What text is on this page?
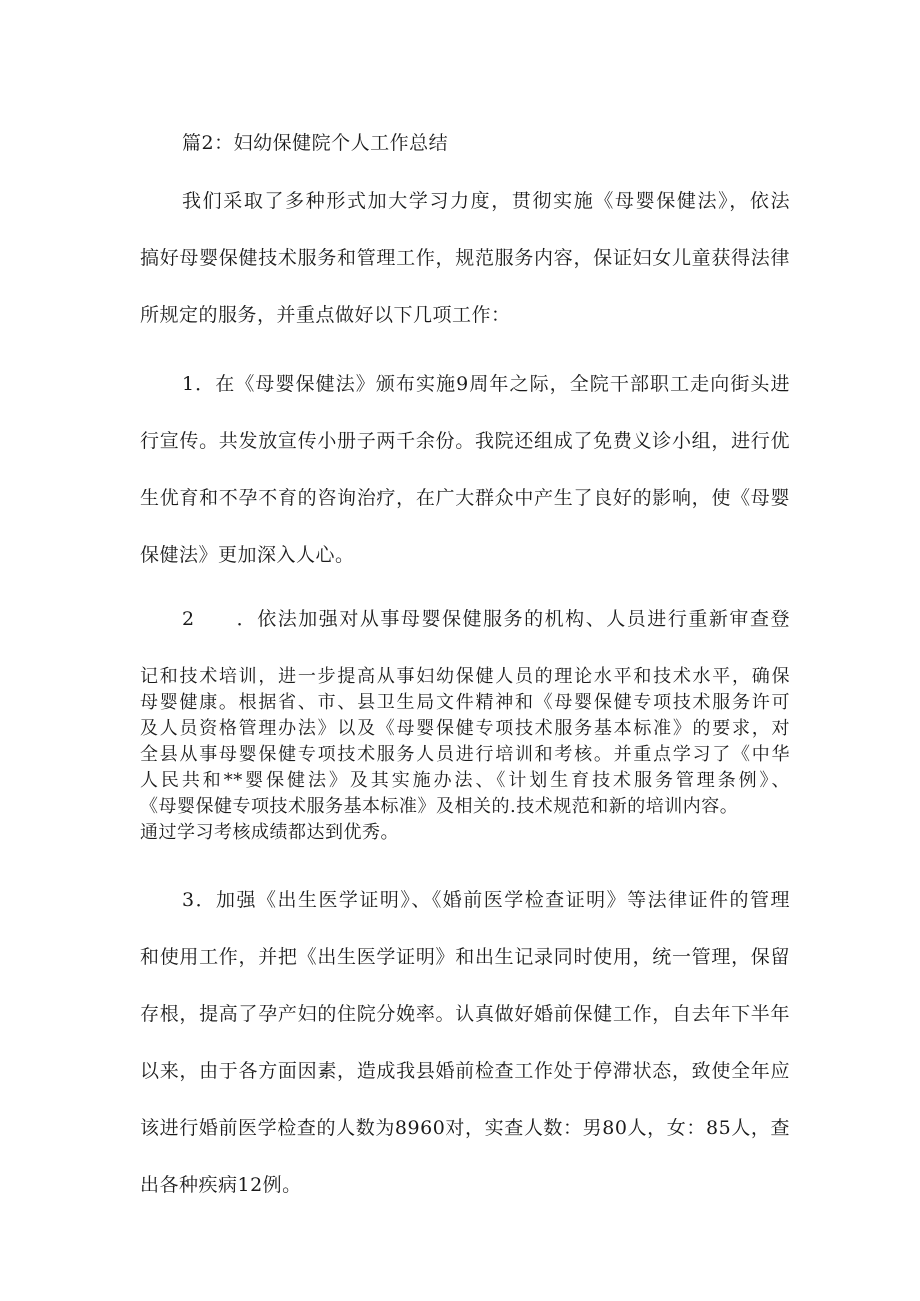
篇2：妇幼保健院个人工作总结

我们采取了多种形式加大学习力度，贯彻实施《母婴保健法》，依法

搞好母婴保健技术服务和管理工作，规范服务内容，保证妇女儿童获得法律

所规定的服务，并重点做好以下几项工作：

1．在《母婴保健法》颁布实施9周年之际，全院干部职工走向街头进

行宣传。共发放宣传小册子两千余份。我院还组成了免费义诊小组，进行优

生优育和不孕不育的咨询治疗，在广大群众中产生了良好的影响，使《母婴

保健法》更加深入人心。

2　　．依法加强对从事母婴保健服务的机构、人员进行重新审查登

记和技术培训，进一步提高从事妇幼保健人员的理论水平和技术水平，确保

母婴健康。根据省、市、县卫生局文件精神和《母婴保健专项技术服务许可

及人员资格管理办法》以及《母婴保健专项技术服务基本标准》的要求，对

全县从事母婴保健专项技术服务人员进行培训和考核。并重点学习了《中华

人民共和**婴保健法》及其实施办法、《计划生育技术服务管理条例》、

《母婴保健专项技术服务基本标准》及相关的.技术规范和新的培训内容。

通过学习考核成绩都达到优秀。

3．加强《出生医学证明》、《婚前医学检查证明》等法律证件的管理

和使用工作，并把《出生医学证明》和出生记录同时使用，统一管理，保留

存根，提高了孕产妇的住院分娩率。认真做好婚前保健工作，自去年下半年

以来，由于各方面因素，造成我县婚前检查工作处于停滞状态，致使全年应

该进行婚前医学检查的人数为8960对，实查人数：男80人，女：85人，查

出各种疾病12例。
